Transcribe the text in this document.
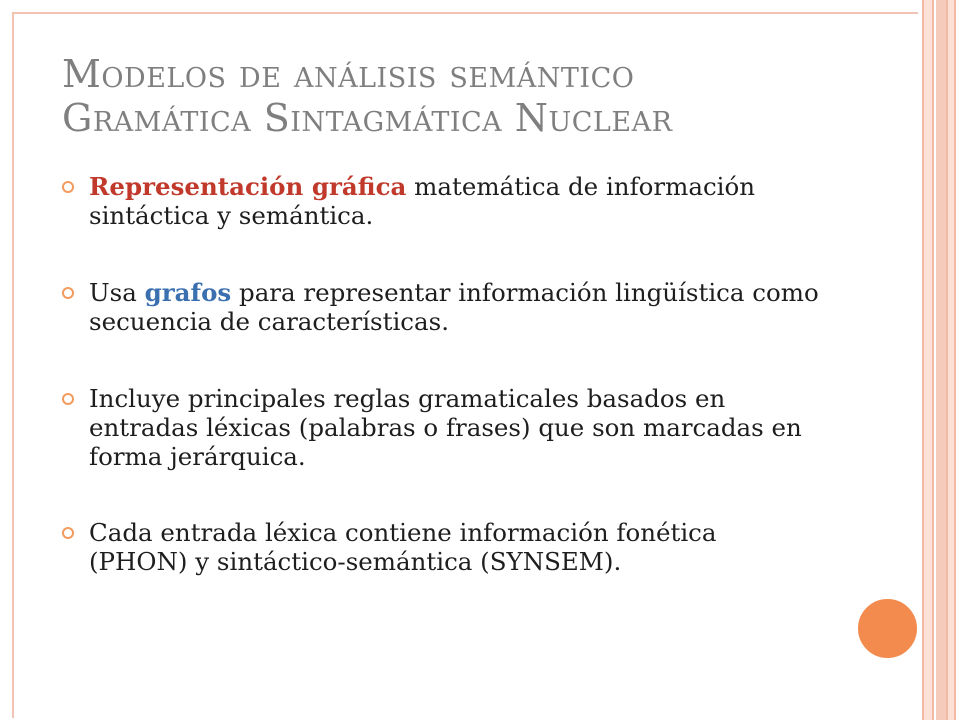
Modelos de análisis semántico
Gramática Sintagmática Nuclear
Representación gráfica matemática de información sintáctica y semántica.
Usa grafos para representar información lingüística como secuencia de características.
Incluye principales reglas gramaticales basados en entradas léxicas (palabras o frases) que son marcadas en forma jerárquica.
Cada entrada léxica contiene información fonética (PHON) y sintáctico-semántica (SYNSEM).
